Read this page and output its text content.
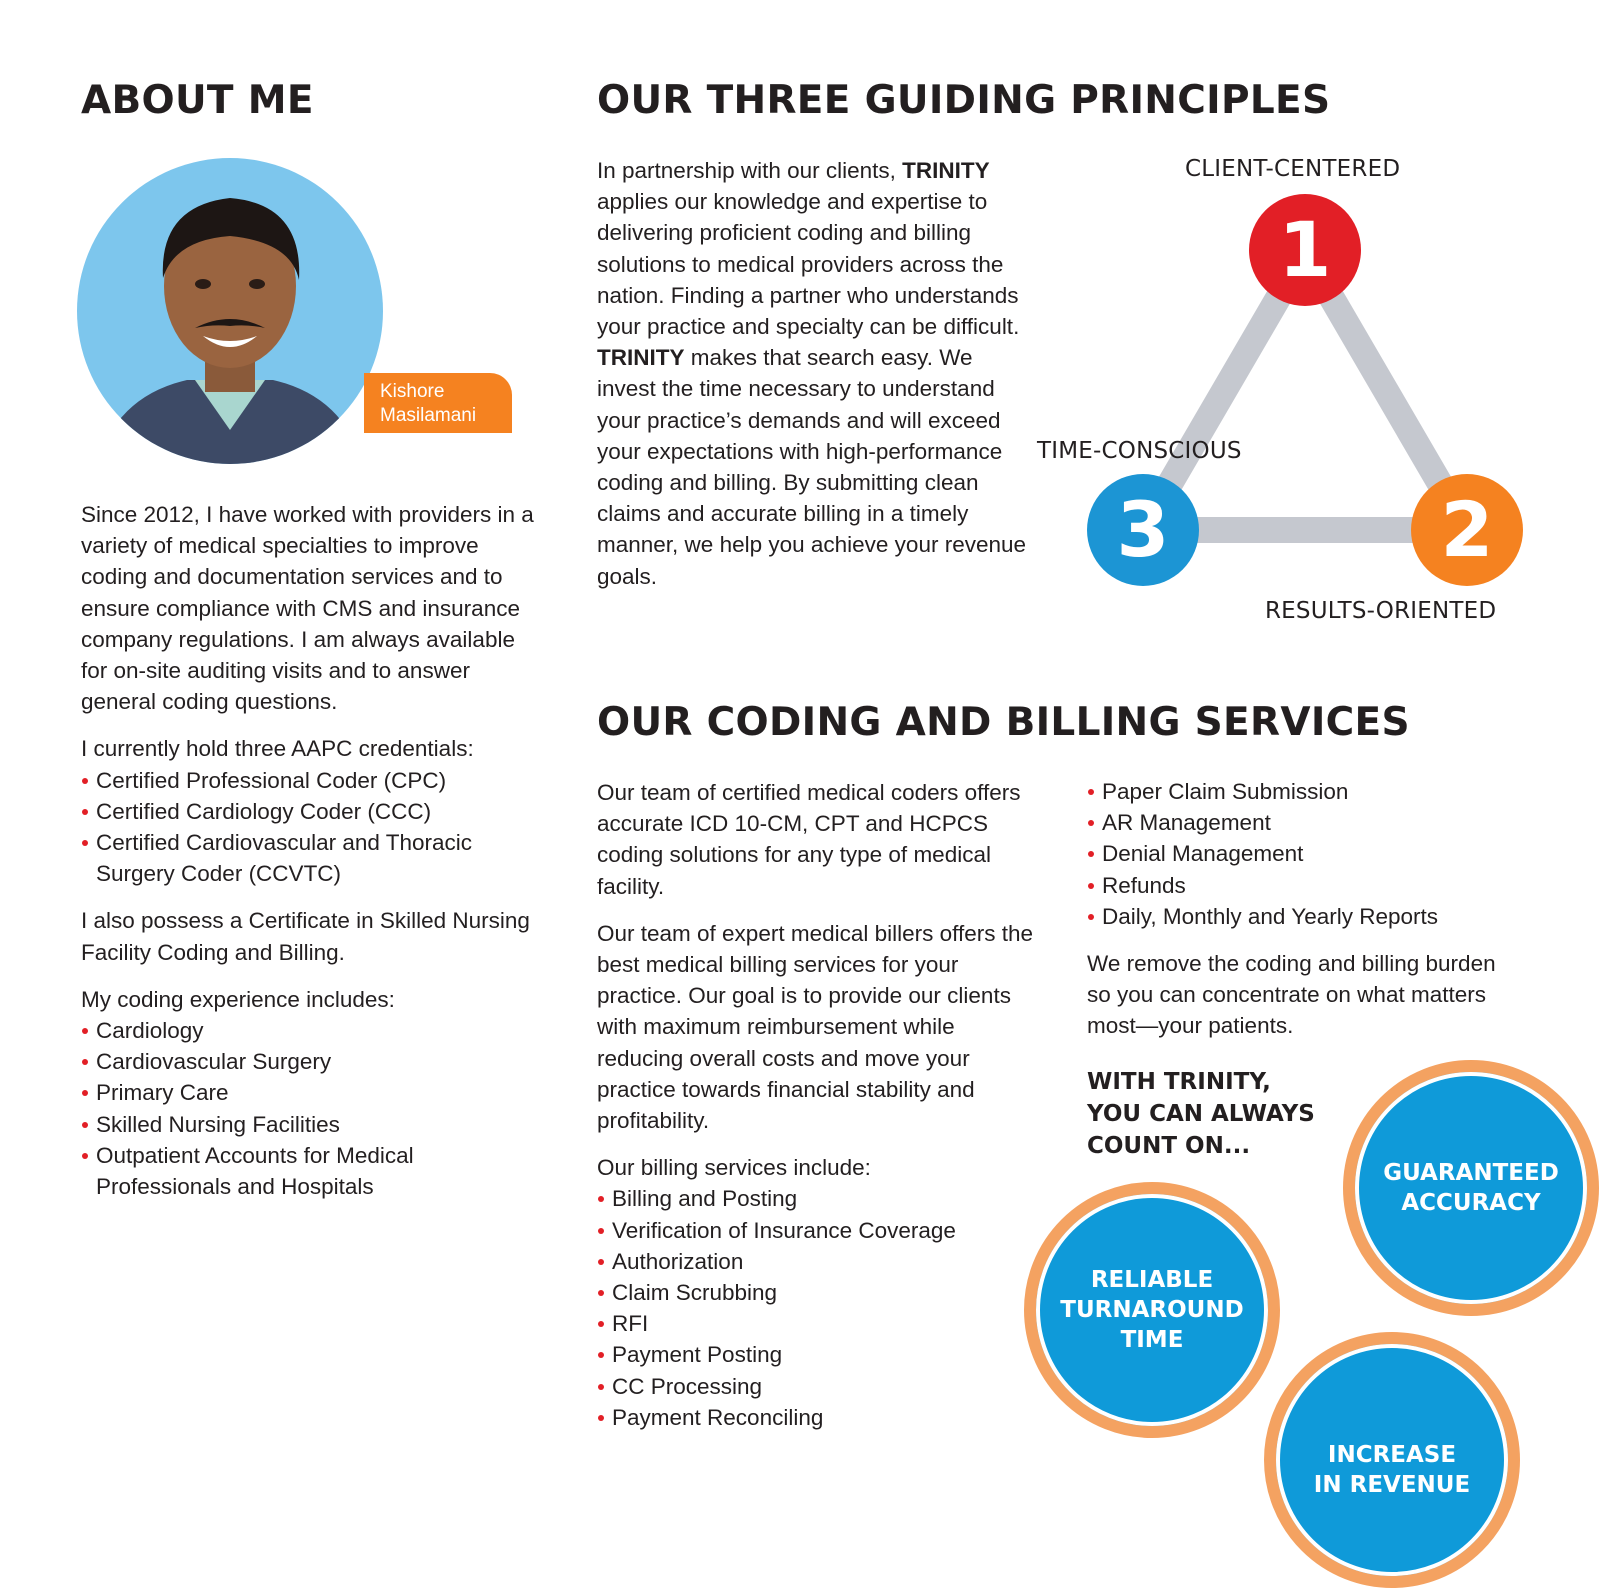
ABOUT ME
Kishore
Masilamani

Since 2012, I have worked with providers in a variety of medical specialties to improve coding and documentation services and to ensure compliance with CMS and insurance company regulations. I am always available for on-site auditing visits and to answer general coding questions.

I currently hold three AAPC credentials:
Certified Professional Coder (CPC)
Certified Cardiology Coder (CCC)
Certified Cardiovascular and Thoracic Surgery Coder (CCVTC)

I also possess a Certificate in Skilled Nursing Facility Coding and Billing.

My coding experience includes:
Cardiology
Cardiovascular Surgery
Primary Care
Skilled Nursing Facilities
Outpatient Accounts for Medical Professionals and Hospitals
OUR THREE GUIDING PRINCIPLES
In partnership with our clients, TRINITY applies our knowledge and expertise to delivering proficient coding and billing solutions to medical providers across the nation. Finding a partner who understands your practice and specialty can be difficult. TRINITY makes that search easy. We invest the time necessary to understand your practice’s demands and will exceed your expectations with high-performance coding and billing. By submitting clean claims and accurate billing in a timely manner, we help you achieve your revenue goals.
1
2
3
CLIENT-CENTERED
TIME-CONSCIOUS
RESULTS-ORIENTED
OUR CODING AND BILLING SERVICES

Our team of certified medical coders offers accurate ICD 10-CM, CPT and HCPCS coding solutions for any type of medical facility.

Our team of expert medical billers offers the best medical billing services for your practice. Our goal is to provide our clients with maximum reimbursement while reducing overall costs and move your practice towards financial stability and profitability.

Our billing services include:
Billing and Posting
Verification of Insurance Coverage
Authorization
Claim Scrubbing
RFI
Payment Posting
CC Processing
Payment Reconciling
Paper Claim Submission
AR Management
Denial Management
Refunds
Daily, Monthly and Yearly Reports

We remove the coding and billing burden so you can concentrate on what matters most—your patients.

WITH TRINITY,
YOU CAN ALWAYS
COUNT ON...
GUARANTEED
ACCURACY
RELIABLE
TURNAROUND
TIME
INCREASE
IN REVENUE
